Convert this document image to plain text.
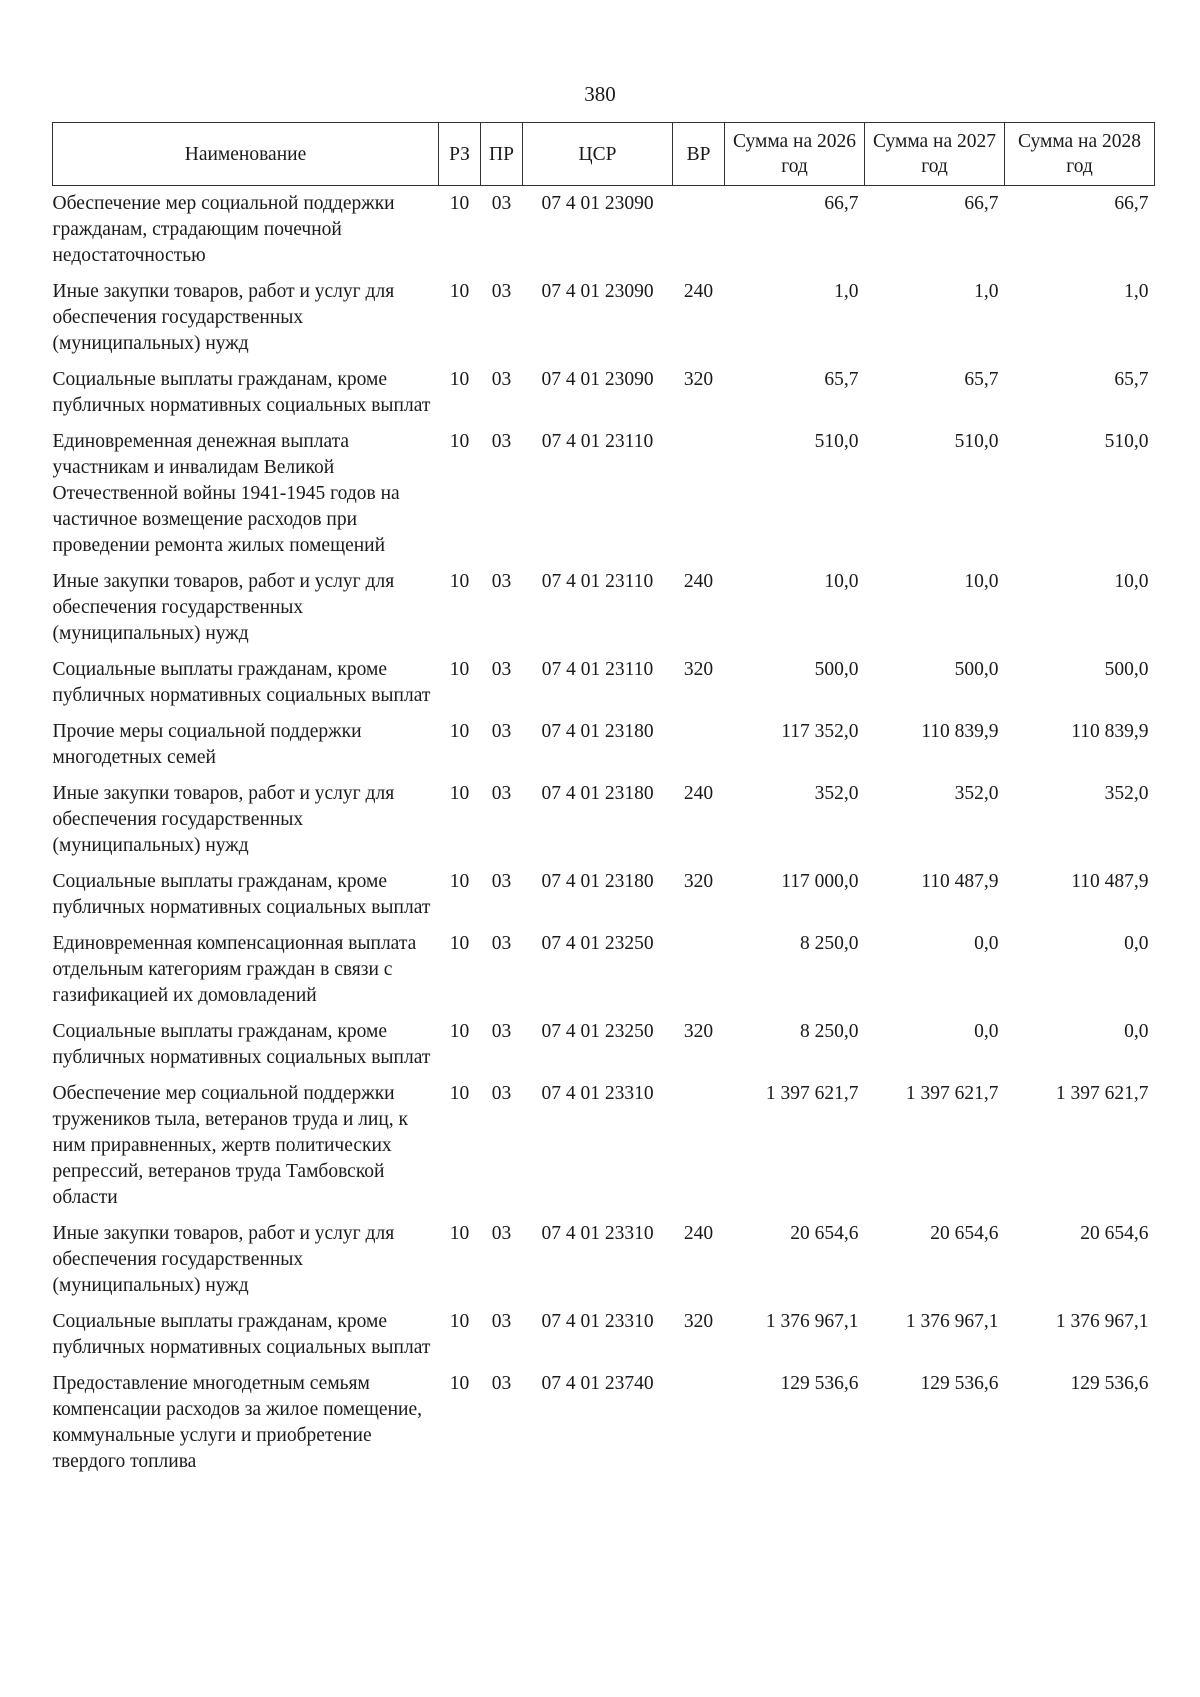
380
Наименование	РЗ	ПР	ЦСР	ВР	Сумма на 2026 год	Сумма на 2027 год	Сумма на 2028 год
Обеспечение мер социальной поддержки гражданам, страдающим почечной недостаточностью	10	03	07 4 01 23090		66,7	66,7	66,7
Иные закупки товаров, работ и услуг для обеспечения государственных (муниципальных) нужд	10	03	07 4 01 23090	240	1,0	1,0	1,0
Социальные выплаты гражданам, кроме публичных нормативных социальных выплат	10	03	07 4 01 23090	320	65,7	65,7	65,7
Единовременная денежная выплата участникам и инвалидам Великой Отечественной войны 1941-1945 годов на частичное возмещение расходов при проведении ремонта жилых помещений	10	03	07 4 01 23110		510,0	510,0	510,0
Иные закупки товаров, работ и услуг для обеспечения государственных (муниципальных) нужд	10	03	07 4 01 23110	240	10,0	10,0	10,0
Социальные выплаты гражданам, кроме публичных нормативных социальных выплат	10	03	07 4 01 23110	320	500,0	500,0	500,0
Прочие меры социальной поддержки многодетных семей	10	03	07 4 01 23180		117 352,0	110 839,9	110 839,9
Иные закупки товаров, работ и услуг для обеспечения государственных (муниципальных) нужд	10	03	07 4 01 23180	240	352,0	352,0	352,0
Социальные выплаты гражданам, кроме публичных нормативных социальных выплат	10	03	07 4 01 23180	320	117 000,0	110 487,9	110 487,9
Единовременная компенсационная выплата отдельным категориям граждан в связи с газификацией их домовладений	10	03	07 4 01 23250		8 250,0	0,0	0,0
Социальные выплаты гражданам, кроме публичных нормативных социальных выплат	10	03	07 4 01 23250	320	8 250,0	0,0	0,0
Обеспечение мер социальной поддержки тружеников тыла, ветеранов труда и лиц, к ним приравненных, жертв политических репрессий, ветеранов труда Тамбовской области	10	03	07 4 01 23310		1 397 621,7	1 397 621,7	1 397 621,7
Иные закупки товаров, работ и услуг для обеспечения государственных (муниципальных) нужд	10	03	07 4 01 23310	240	20 654,6	20 654,6	20 654,6
Социальные выплаты гражданам, кроме публичных нормативных социальных выплат	10	03	07 4 01 23310	320	1 376 967,1	1 376 967,1	1 376 967,1
Предоставление многодетным семьям компенсации расходов за жилое помещение, коммунальные услуги и приобретение твердого топлива	10	03	07 4 01 23740		129 536,6	129 536,6	129 536,6
